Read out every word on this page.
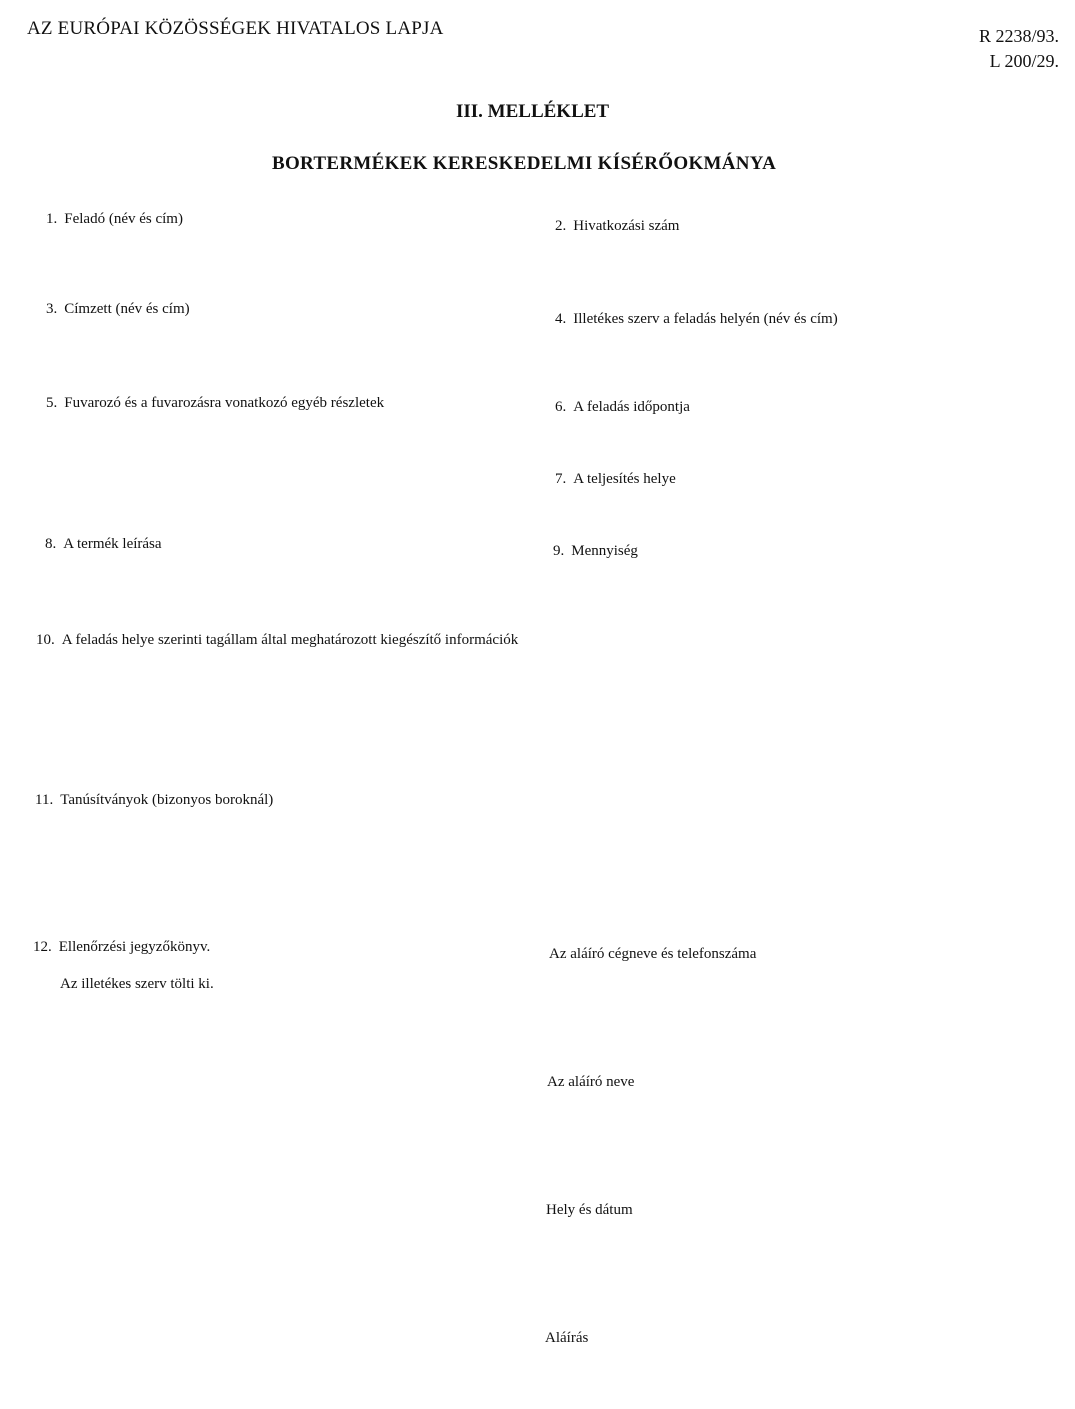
AZ EURÓPAI KÖZÖSSÉGEK HIVATALOS LAPJA	R 2238/93.
L 200/29.
III. MELLÉKLET
BORTERMÉKEK KERESKEDELMI KÍSÉRŐOKMÁNYA
1. Feladó (név és cím)
3. Címzett (név és cím)
5. Fuvarozó és a fuvarozásra vonatkozó egyéb részletek
8. A termék leírása
10. A feladás helye szerinti tagállam által meghatározott kiegészítő információk
11. Tanúsítványok (bizonyos boroknál)
12. Ellenőrzési jegyzőkönyv.
Az illetékes szerv tölti ki.
2. Hivatkozási szám
4. Illetékes szerv a feladás helyén (név és cím)
6. A feladás időpontja
7. A teljesítés helye
9. Mennyiség
Az aláíró cégneve és telefonszáma
Az aláíró neve
Hely és dátum
Aláírás
